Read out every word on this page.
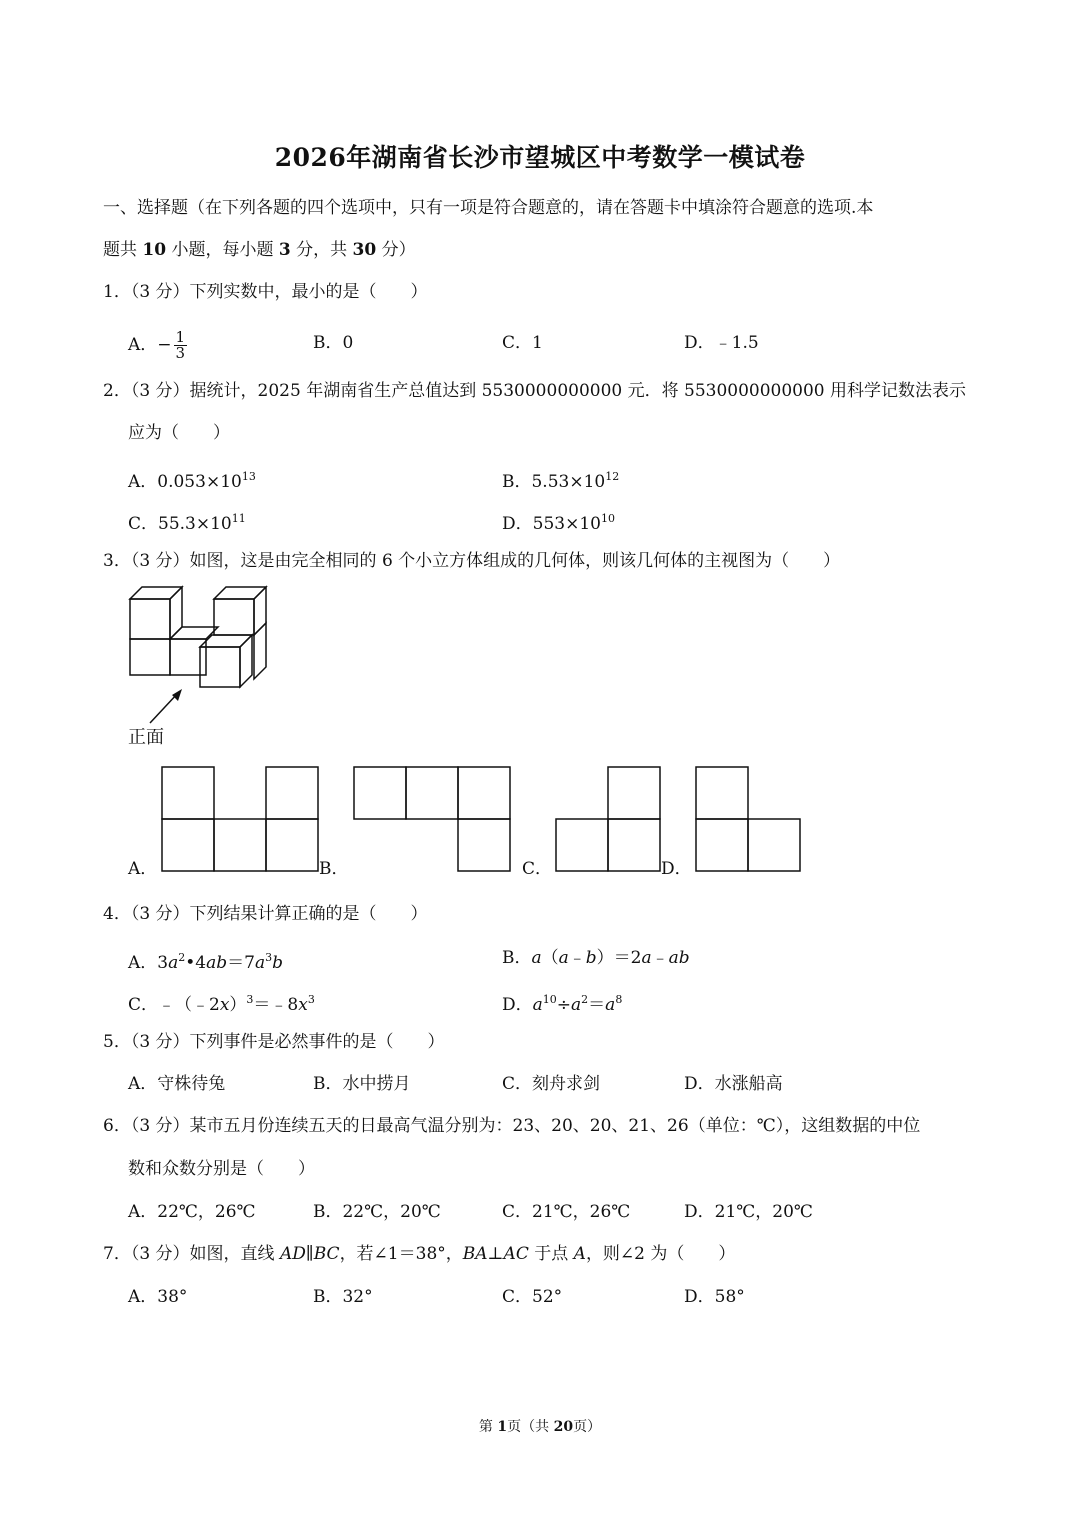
2026年湖南省长沙市望城区中考数学一模试卷
一、选择题（在下列各题的四个选项中，只有一项是符合题意的，请在答题卡中填涂符合题意的选项.本
题共 10 小题，每小题 3 分，共 30 分）
1．（3 分）下列实数中，最小的是（　　）
A．− $\frac{1}{3}$	B．0	C．1	D．﹣1.5
2．（3 分）据统计，2025 年湖南省生产总值达到 5530000000000 元．将 5530000000000 用科学记数法表示
应为（　　）
A．$0.053\times 10^{13}$	B．$5.53\times 10^{12}$
C．$55.3\times 10^{11}$	D．$553\times 10^{10}$
3．（3 分）如图，这是由完全相同的 6 个小立方体组成的几何体，则该几何体的主视图为（　　）
正面
A．	B．	C．	D．
4．（3 分）下列结果计算正确的是（　　）
A．$3a^2•4ab=7a^3b$	B．a（a﹣b）＝2a﹣ab
C．$﹣(﹣2x)^3=﹣8x^3$	D．$a^{10}\div a^2=a^8$
5．（3 分）下列事件是必然事件的是（　　）
A．守株待兔	B．水中捞月	C．刻舟求剑	D．水涨船高
6．（3 分）某市五月份连续五天的日最高气温分别为：23、20、20、21、26（单位：℃），这组数据的中位
数和众数分别是（　　）
A．22℃，26℃	B．22℃，20℃	C．21℃，26℃	D．21℃，20℃
7．（3 分）如图，直线 AD∥BC，若∠1＝38°，BA⊥AC 于点 A，则∠2 为（　　）
A．38°	B．32°	C．52°	D．58°
第 1页（共 20页）
